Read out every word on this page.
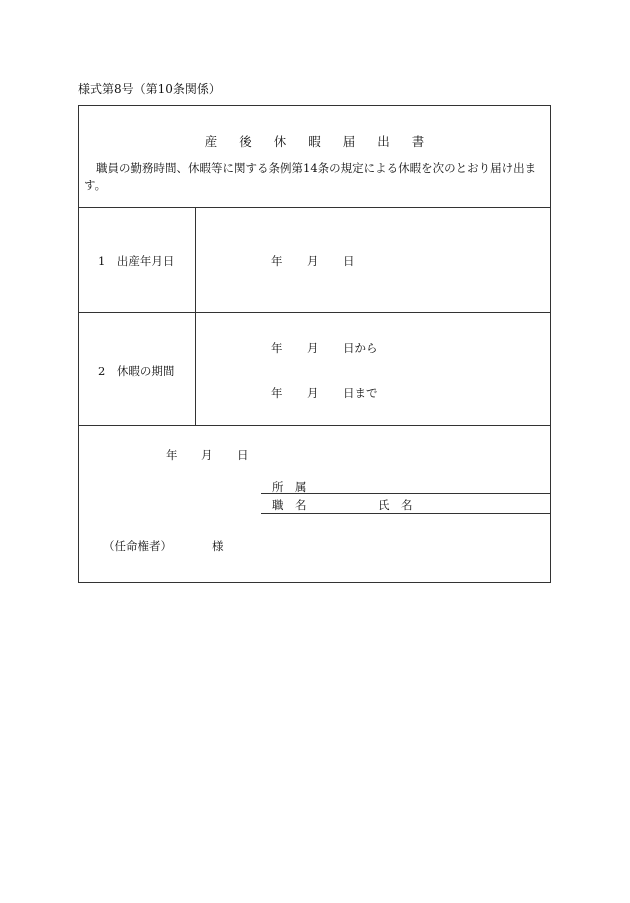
様式第8号（第10条関係）
産後休暇届出書
職員の勤務時間、休暇等に関する条例第14条の規定による休暇を次のとおり届け出ます。
1　出産年月日	年 月 日
2　休暇の期間
年 月 日から
年 月 日まで
年 月 日
所　属
職　名	氏　名
（任命権者）	様
